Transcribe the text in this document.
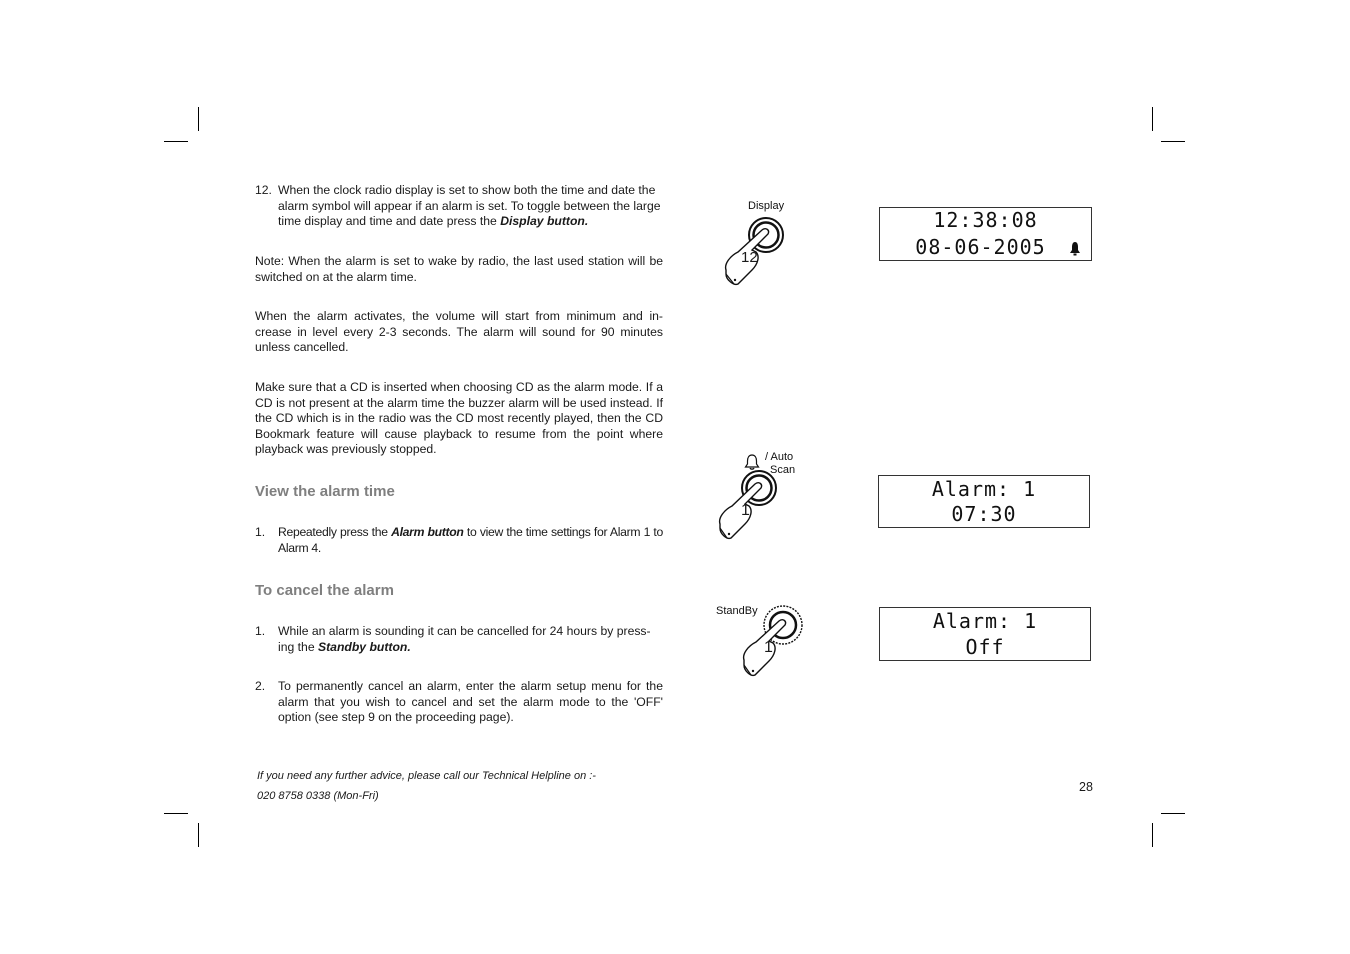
12. When the clock radio display is set to show both the time and date the alarm symbol will appear if an alarm is set. To toggle between the large time display and time and date press the Display button.
Note: When the alarm is set to wake by radio, the last used station will be switched on at the alarm time.
When the alarm activates, the volume will start from minimum and in-crease in level every 2-3 seconds. The alarm will sound for 90 minutes unless cancelled.
Make sure that a CD is inserted when choosing CD as the alarm mode. If a CD is not present at the alarm time the buzzer alarm will be used instead. If the CD which is in the radio was the CD most recently played, then the CD Bookmark feature will cause playback to resume from the point where playback was previously stopped.
View the alarm time
1. Repeatedly press the Alarm button to view the time settings for Alarm 1 to Alarm 4.
To cancel the alarm
1. While an alarm is sounding it can be cancelled for 24 hours by press-ing the Standby button.
2. To permanently cancel an alarm, enter the alarm setup menu for the alarm that you wish to cancel and set the alarm mode to the 'OFF' option (see step 9 on the proceeding page).
If you need any further advice, please call our Technical Helpline on :-
020 8758 0338 (Mon-Fri)
28
Display
12
12:38:08
08-06-2005
/ Auto
Scan
1
Alarm: 1
07:30
StandBy
1
Alarm: 1
Off
